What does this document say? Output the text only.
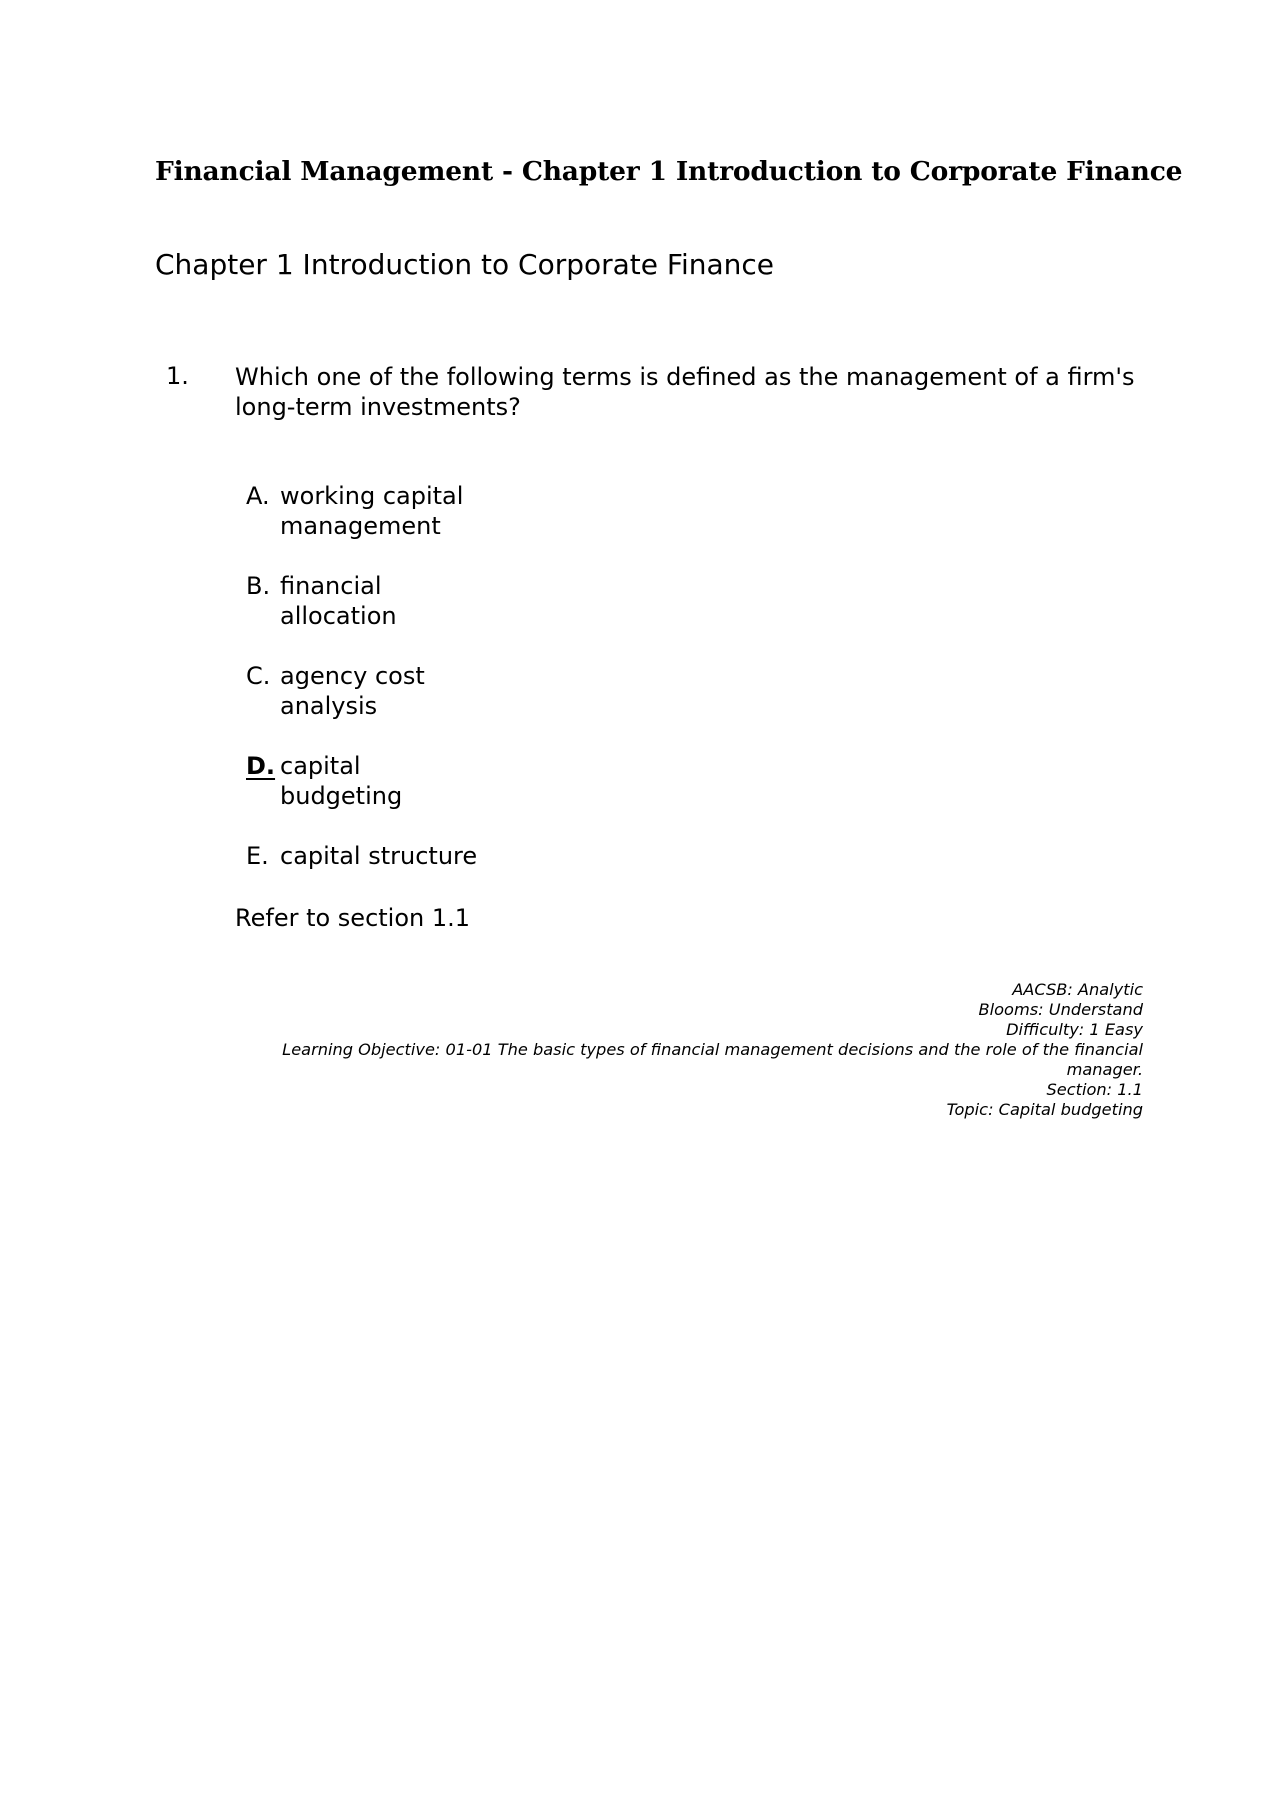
Financial Management - Chapter 1 Introduction to Corporate Finance
Chapter 1 Introduction to Corporate Finance
1. Which one of the following terms is defined as the management of a firm's long-term investments?
A. working capital management
B. financial allocation
C. agency cost analysis
D. capital budgeting
E. capital structure
Refer to section 1.1
AACSB: Analytic
Blooms: Understand
Difficulty: 1 Easy
Learning Objective: 01-01 The basic types of financial management decisions and the role of the financial manager.
Section: 1.1
Topic: Capital budgeting
